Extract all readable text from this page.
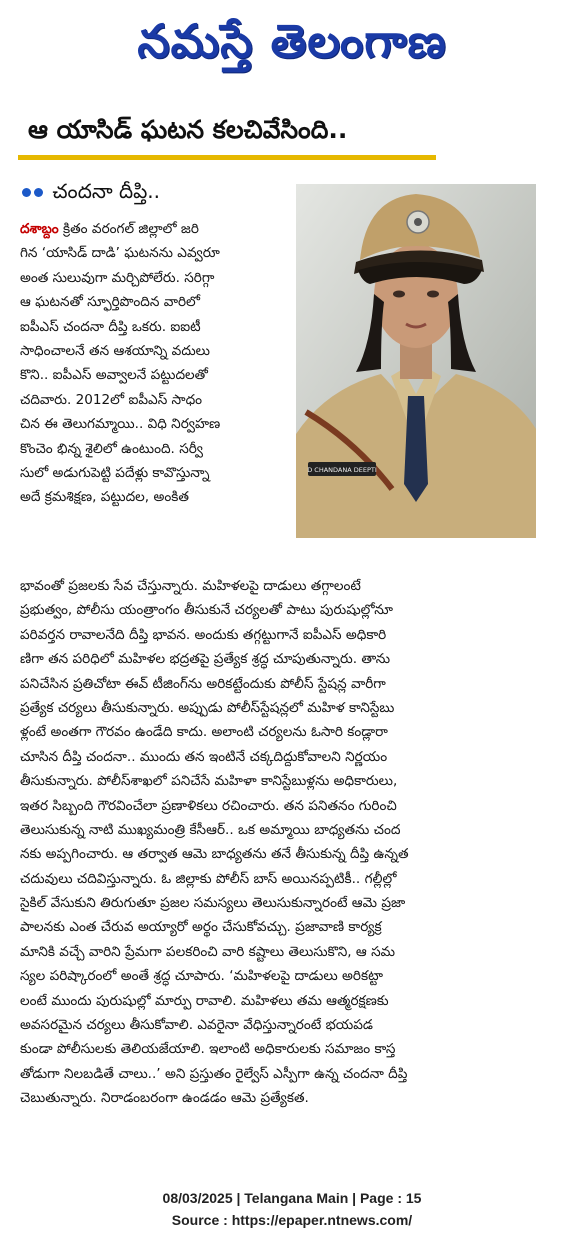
నమస్తే తెలంగాణ
ఆ యాసిడ్ ఘటన కలచివేసింది..
చందనా దీప్తి..
D CHANDANA DEEPTI
దశాబ్దం క్రితం వరంగల్ జిల్లాలో జరి
గిన ‘యాసిడ్ దాడి’ ఘటనను ఎవ్వరూ
అంత సులువుగా మర్చిపోలేరు. సరిగ్గా
ఆ ఘటనతో స్ఫూర్తిపొందిన వారిలో
ఐపీఎస్ చందనా దీప్తి ఒకరు. ఐఐటీ
సాధించాలనే తన ఆశయాన్ని వదులు
కొని.. ఐపీఎస్ అవ్వాలనే పట్టుదలతో
చదివారు. 2012లో ఐపీఎస్ సాధం
చిన ఈ తెలుగమ్మాయి.. విధి నిర్వహణ
కొంచెం భిన్న శైలిలో ఉంటుంది. సర్వీ
సులో అడుగుపెట్టి పదేళ్లు కావొస్తున్నా
అదే క్రమశిక్షణ, పట్టుదల, అంకిత
భావంతో ప్రజలకు సేవ చేస్తున్నారు. మహిళలపై దాడులు తగ్గాలంటే
ప్రభుత్వం, పోలీసు యంత్రాంగం తీసుకునే చర్యలతో పాటు పురుషుల్లోనూ
పరివర్తన రావాలనేది దీప్తి భావన. అందుకు తగ్గట్టుగానే ఐపీఎస్ అధికారి
ణిగా తన పరిధిలో మహిళల భద్రతపై ప్రత్యేక శ్రద్ధ చూపుతున్నారు. తాను
పనిచేసిన ప్రతిచోటా ఈవ్ టీజింగ్‌ను అరికట్టేందుకు పోలీస్ స్టేషన్ల వారీగా
ప్రత్యేక చర్యలు తీసుకున్నారు. అప్పుడు పోలీస్‌స్టేషన్లలో మహిళ కానిస్టేబు
ళ్లంటే అంతగా గౌరవం ఉండేది కాదు. అలాంటి చర్యలను ఓసారి కండ్లారా
చూసిన దీప్తి చందనా.. ముందు తన ఇంటినే చక్కదిద్దుకోవాలని నిర్ణయం
తీసుకున్నారు. పోలీస్‌శాఖలో పనిచేసే మహిళా కానిస్టేబుళ్లను అధికారులు,
ఇతర సిబ్బంది గౌరవించేలా ప్రణాళికలు రచించారు. తన పనితనం గురించి
తెలుసుకున్న నాటి ముఖ్యమంత్రి కేసీఆర్.. ఒక అమ్మాయి బాధ్యతను చంద
నకు అప్పగించారు. ఆ తర్వాత ఆమె బాధ్యతను తనే తీసుకున్న దీప్తి ఉన్నత
చదువులు చదివిస్తున్నారు. ఓ జిల్లాకు పోలీస్ బాస్ అయినప్పటికీ.. గల్లీల్లో
సైకిల్ వేసుకుని తిరుగుతూ ప్రజల సమస్యలు తెలుసుకున్నారంటే ఆమె ప్రజా
పాలనకు ఎంత చేరువ అయ్యారో అర్థం చేసుకోవచ్చు. ప్రజావాణి కార్యక్ర
మానికి వచ్చే వారిని ప్రేమగా పలకరించి వారి కష్టాలు తెలుసుకొని, ఆ సమ
స్యల పరిష్కారంలో అంతే శ్రద్ధ చూపారు. ‘మహిళలపై దాడులు అరికట్టా
లంటే ముందు పురుషుల్లో మార్పు రావాలి. మహిళలు తమ ఆత్మరక్షణకు
అవసరమైన చర్యలు తీసుకోవాలి. ఎవరైనా వేధిస్తున్నారంటే భయపడ
కుండా పోలీసులకు తెలియజేయాలి. ఇలాంటి అధికారులకు సమాజం కాస్త
తోడుగా నిలబడితే చాలు..’ అని ప్రస్తుతం రైల్వేస్ ఎస్పీగా ఉన్న చందనా దీప్తి
చెబుతున్నారు. నిరాడంబరంగా ఉండడం ఆమె ప్రత్యేకత.
08/03/2025 | Telangana Main | Page : 15
Source : https://epaper.ntnews.com/
